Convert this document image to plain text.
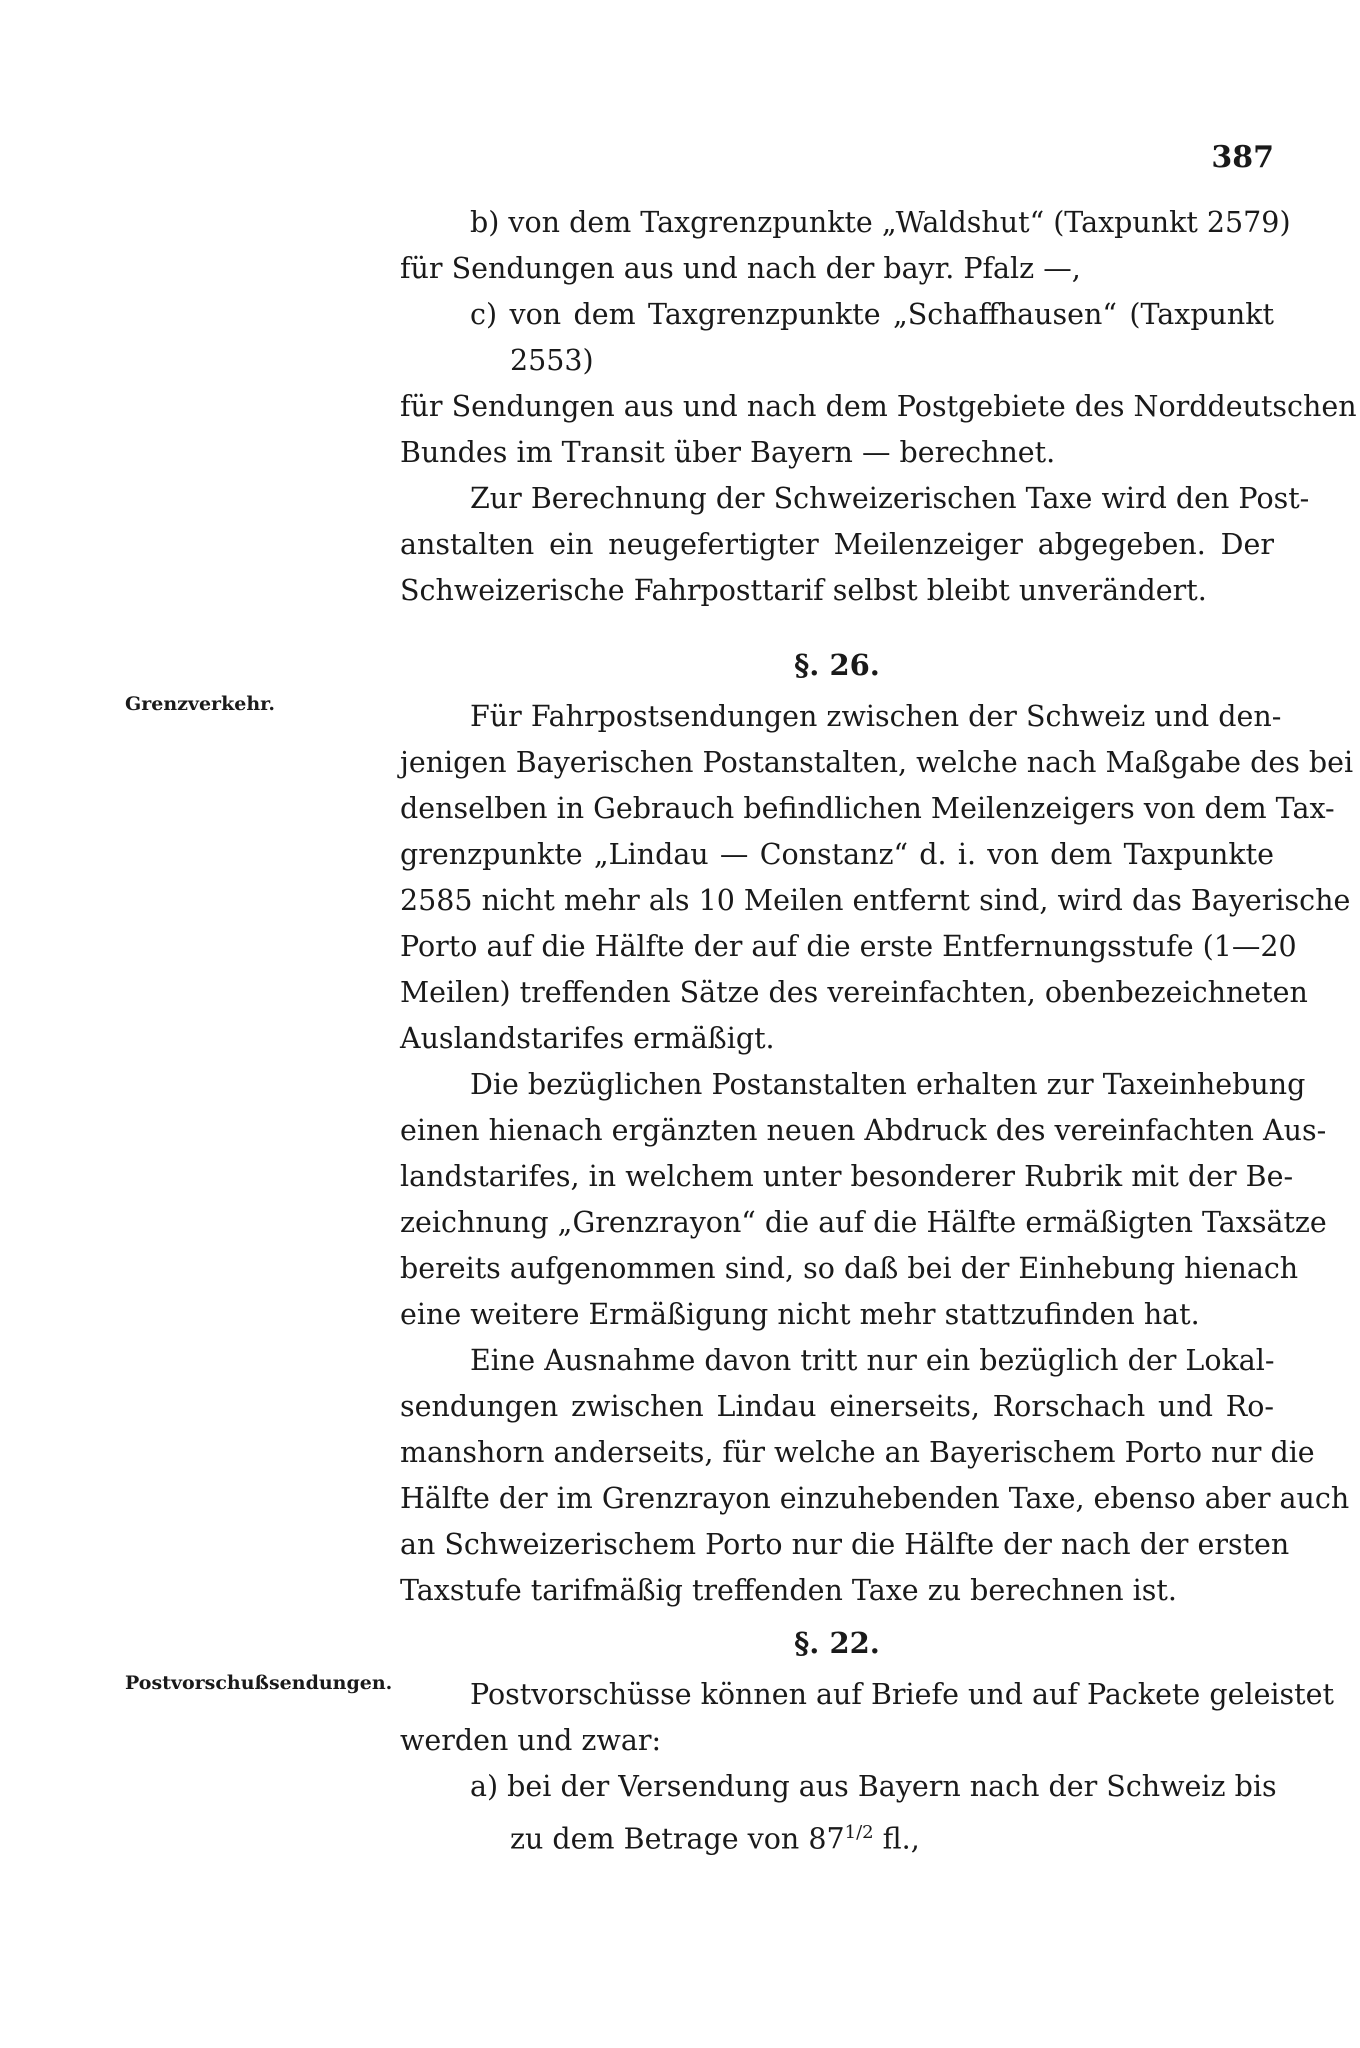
387
b) von dem Taxgrenzpunkte „Waldshut“ (Taxpunkt 2579)
für Sendungen aus und nach der bayr. Pfalz —,
c) von dem Taxgrenzpunkte „Schaffhausen“ (Taxpunkt
2553)
für Sendungen aus und nach dem Postgebiete des Norddeutschen
Bundes im Transit über Bayern — berechnet.
Zur Berechnung der Schweizerischen Taxe wird den Post-
anstalten ein neugefertigter Meilenzeiger abgegeben. Der
Schweizerische Fahrposttarif selbst bleibt unverändert.
Grenzverkehr.
§. 26.
Für Fahrpostsendungen zwischen der Schweiz und den-
jenigen Bayerischen Postanstalten, welche nach Maßgabe des bei
denselben in Gebrauch befindlichen Meilenzeigers von dem Tax-
grenzpunkte „Lindau — Constanz“ d. i. von dem Taxpunkte
2585 nicht mehr als 10 Meilen entfernt sind, wird das Bayerische
Porto auf die Hälfte der auf die erste Entfernungsstufe (1—20
Meilen) treffenden Sätze des vereinfachten, obenbezeichneten
Auslandstarifes ermäßigt.
Die bezüglichen Postanstalten erhalten zur Taxeinhebung
einen hienach ergänzten neuen Abdruck des vereinfachten Aus-
landstarifes, in welchem unter besonderer Rubrik mit der Be-
zeichnung „Grenzrayon“ die auf die Hälfte ermäßigten Taxsätze
bereits aufgenommen sind, so daß bei der Einhebung hienach
eine weitere Ermäßigung nicht mehr stattzufinden hat.
Eine Ausnahme davon tritt nur ein bezüglich der Lokal-
sendungen zwischen Lindau einerseits, Rorschach und Ro-
manshorn anderseits, für welche an Bayerischem Porto nur die
Hälfte der im Grenzrayon einzuhebenden Taxe, ebenso aber auch
an Schweizerischem Porto nur die Hälfte der nach der ersten
Taxstufe tarifmäßig treffenden Taxe zu berechnen ist.
Postvorschußsendungen.
§. 22.
Postvorschüsse können auf Briefe und auf Packete geleistet
werden und zwar:
a) bei der Versendung aus Bayern nach der Schweiz bis
zu dem Betrage von $87^{1/2}$ fl.,
